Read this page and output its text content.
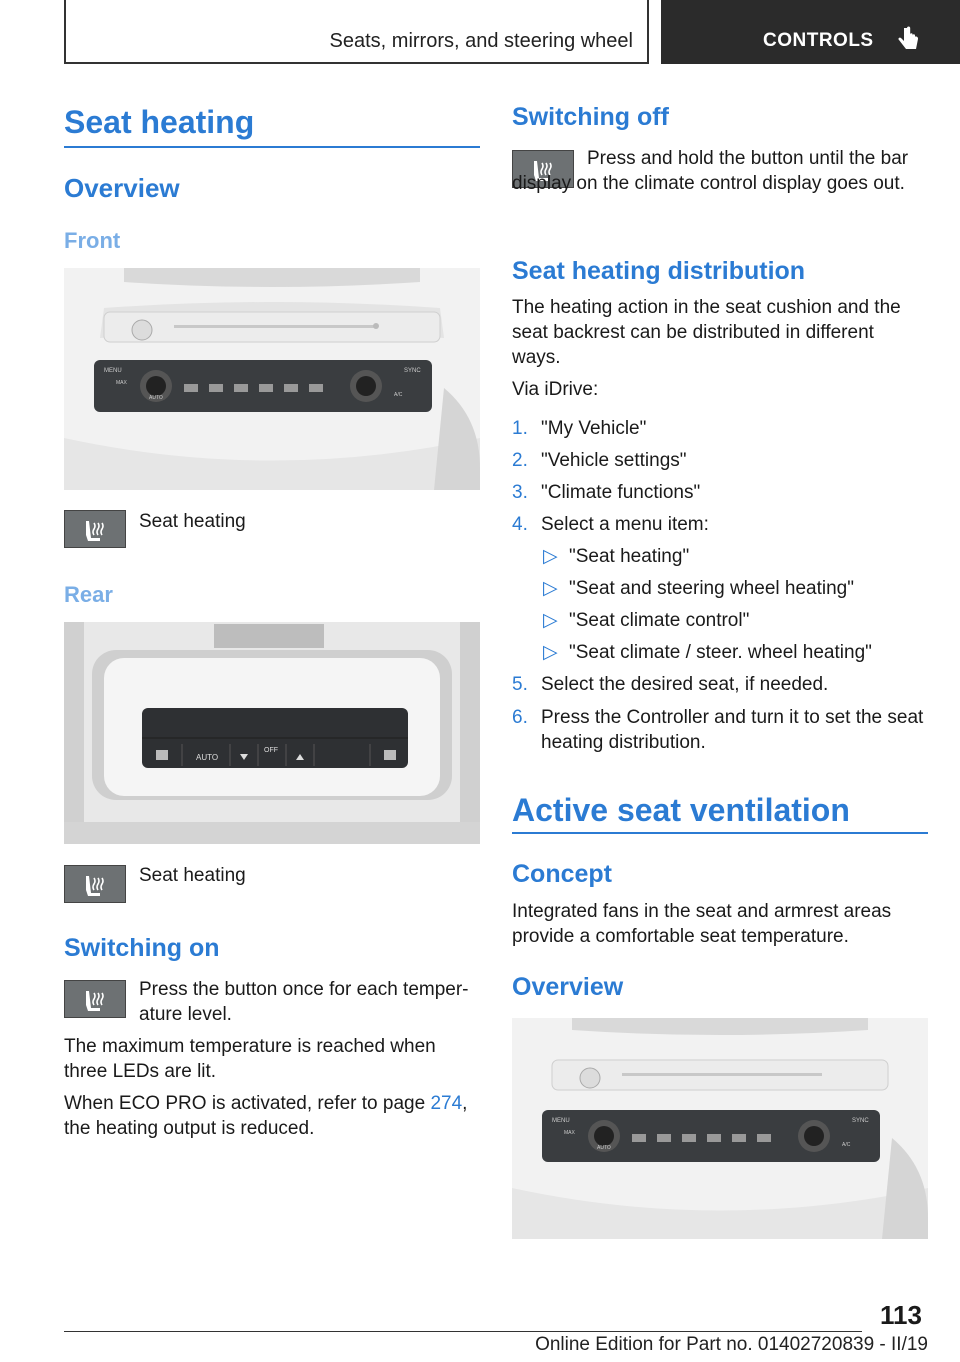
Seats, mirrors, and steering wheel	CONTROLS
Seat heating
Overview
Front
MENU
MAX
AUTO
SYNC
A/C
Seat heating
Rear
AUTO
OFF
Seat heating
Switching on
Press the button once for each temper-ature level.
The maximum temperature is reached when three LEDs are lit.
When ECO PRO is activated, refer to page 274, the heating output is reduced.
Switching off
Press and hold the button until the bar display on the climate control display goes out.
Seat heating distribution
The heating action in the seat cushion and the seat backrest can be distributed in different ways.
Via iDrive:
1. "My Vehicle"
2. "Vehicle settings"
3. "Climate functions"
4. Select a menu item:
▷ "Seat heating"
▷ "Seat and steering wheel heating"
▷ "Seat climate control"
▷ "Seat climate / steer. wheel heating"
5. Select the desired seat, if needed.
6. Press the Controller and turn it to set the seat heating distribution.
Active seat ventilation
Concept
Integrated fans in the seat and armrest areas provide a comfortable seat temperature.
Overview
MENU
MAX
AUTO
SYNC
A/C
113
Online Edition for Part no. 01402720839 - II/19
